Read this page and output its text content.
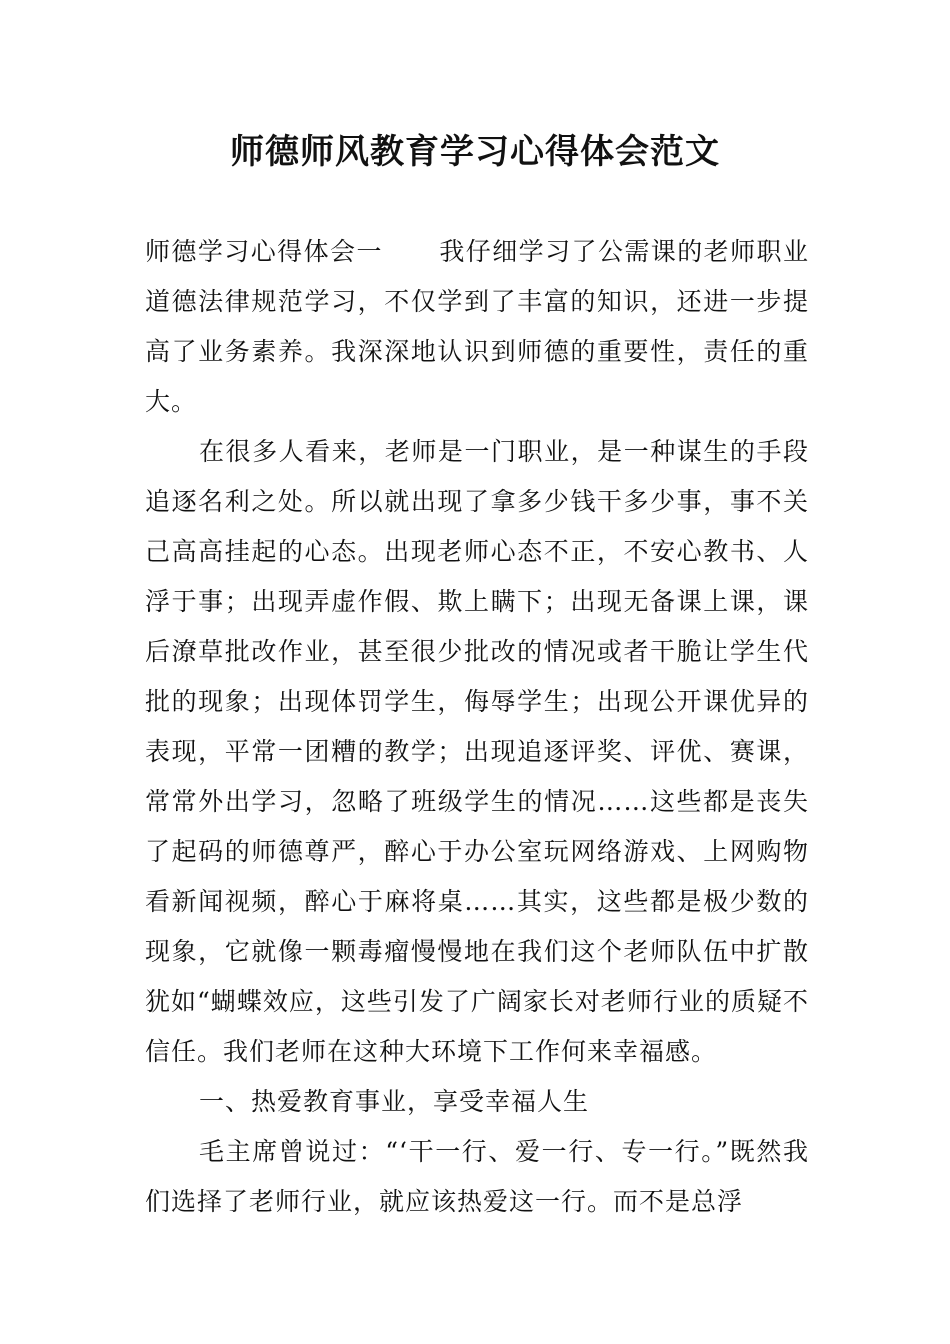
师德师风教育学习心得体会范文

师德学习心得体会一 我仔细学习了公需课的老师职业道德法律规范学习，不仅学到了丰富的知识，还进一步提高了业务素养。我深深地认识到师德的重要性，责任的重大。

在很多人看来，老师是一门职业，是一种谋生的手段追逐名利之处。所以就出现了拿多少钱干多少事，事不关己高高挂起的心态。出现老师心态不正，不安心教书、人浮于事；出现弄虚作假、欺上瞒下；出现无备课上课，课后潦草批改作业，甚至很少批改的情况或者干脆让学生代批的现象；出现体罚学生，侮辱学生；出现公开课优异的表现，平常一团糟的教学；出现追逐评奖、评优、赛课，常常外出学习，忽略了班级学生的情况……这些都是丧失了起码的师德尊严，醉心于办公室玩网络游戏、上网购物看新闻视频，醉心于麻将桌……其实，这些都是极少数的现象，它就像一颗毒瘤慢慢地在我们这个老师队伍中扩散犹如“蝴蝶效应，这些引发了广阔家长对老师行业的质疑不信任。我们老师在这种大环境下工作何来幸福感。

一、热爱教育事业，享受幸福人生

毛主席曾说过：“‘干一行、爱一行、专一行。”既然我们选择了老师行业，就应该热爱这一行。而不是总浮
